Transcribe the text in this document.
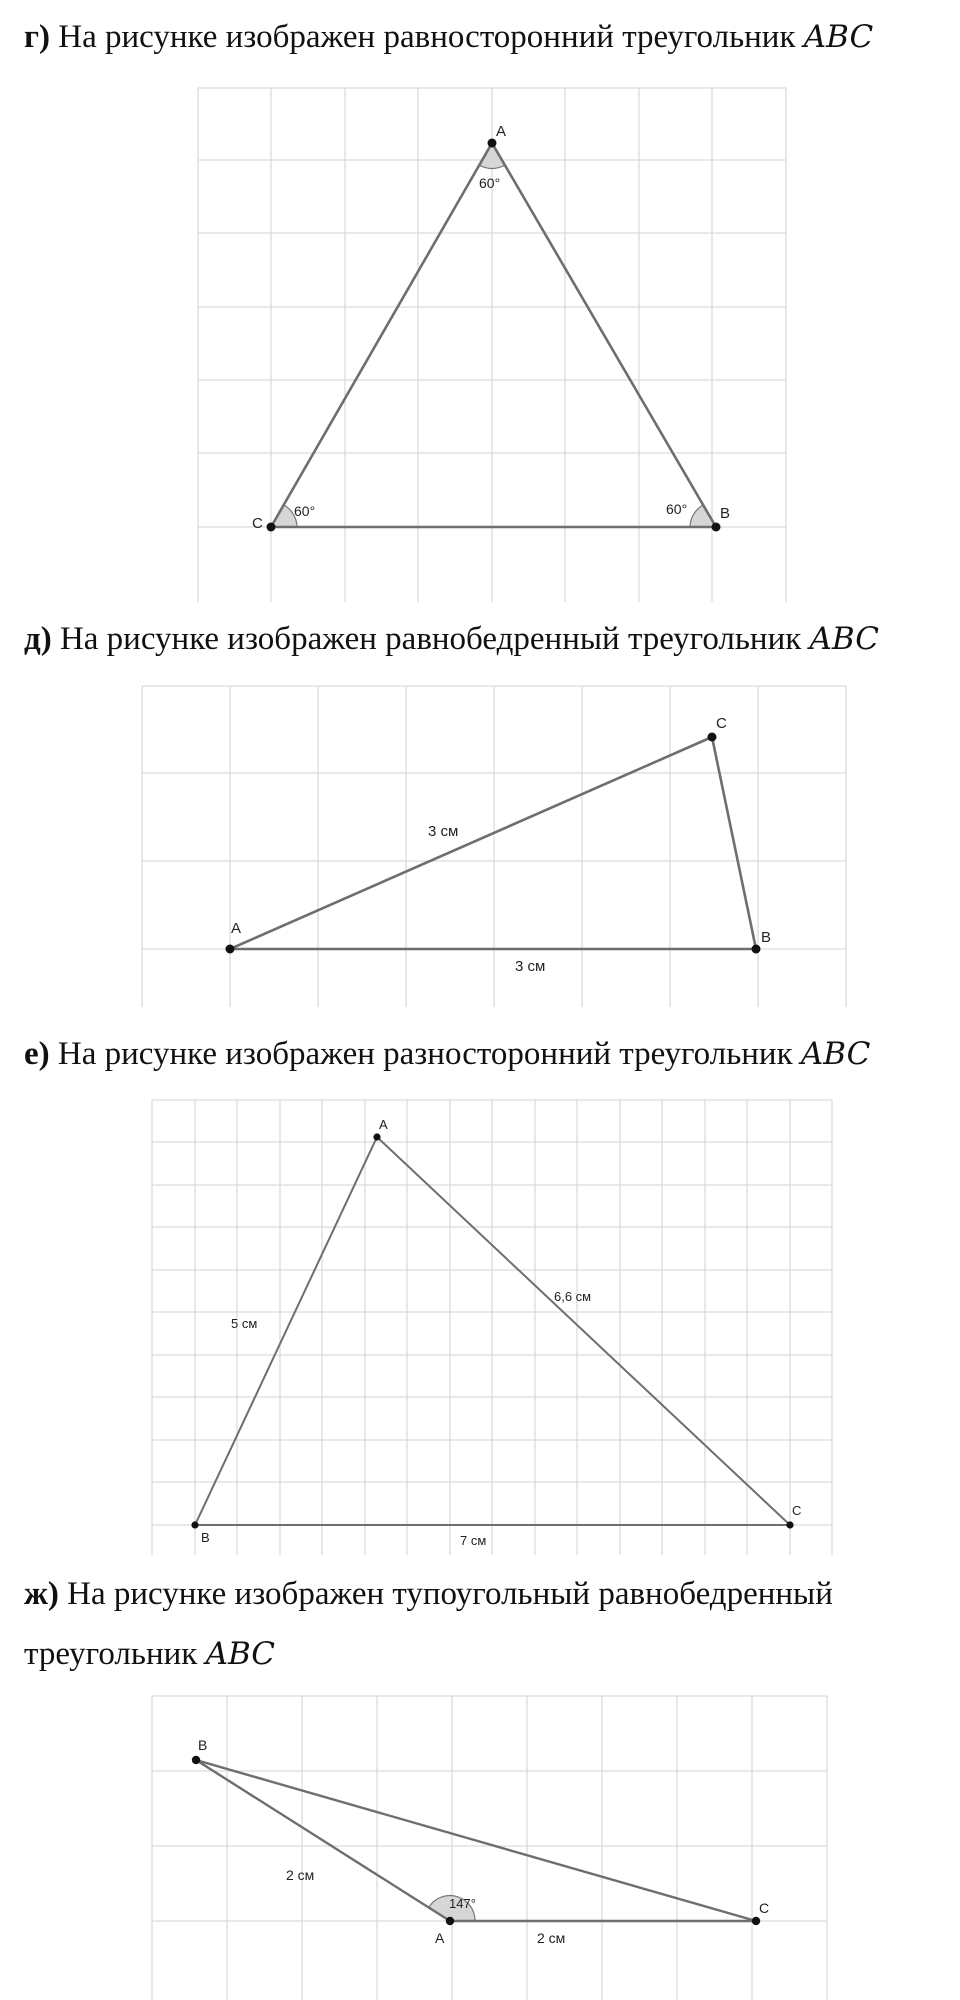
г) На рисунке изображен равносторонний треугольник ABC
д) На рисунке изображен равнобедренный треугольник ABC
е) На рисунке изображен разносторонний треугольник ABC
ж) На рисунке изображен тупоугольный равнобедренный
треугольник ABC
A
C
B
60°
60°	60°
A
C
B
3 см
3 см
A
B
C
5 см
6,6 см
7 см
B
A
C
147°
2 см
2 см
